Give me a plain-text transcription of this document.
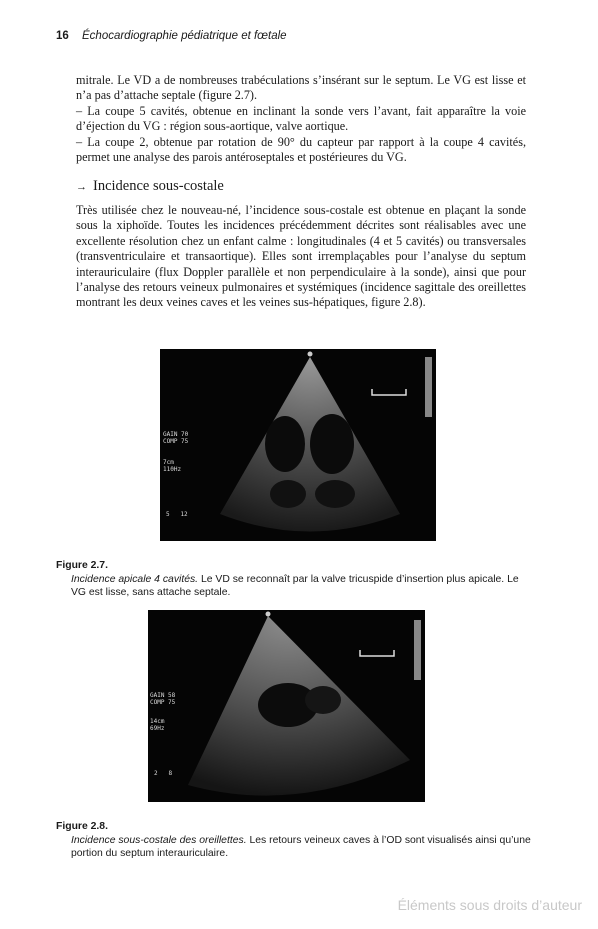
16 Échocardiographie pédiatrique et fœtale

mitrale. Le VD a de nombreuses trabéculations s’insérant sur le septum. Le VG est lisse et n’a pas d’attache septale (figure 2.7).

– La coupe 5 cavités, obtenue en inclinant la sonde vers l’avant, fait apparaître la voie d’éjection du VG : région sous-aortique, valve aortique.

– La coupe 2, obtenue par rotation de 90° du capteur par rapport à la coupe 4 cavités, permet une analyse des parois antéroseptales et postérieures du VG.

→ Incidence sous-costale

Très utilisée chez le nouveau-né, l’incidence sous-costale est obtenue en plaçant la sonde sous la xiphoïde. Toutes les incidences précédemment décrites sont réalisables avec une excellente résolution chez un enfant calme : longitudinales (4 et 5 cavités) ou transversales (transventriculaire et transaortique). Elles sont irremplaçables pour l’analyse du septum interauriculaire (flux Doppler parallèle et non perpendiculaire à la sonde), ainsi que pour l’analyse des retours veineux pulmonaires et systémiques (incidence sagittale des oreillettes montrant les deux veines caves et les veines sus-hépatiques, figure 2.8).

GAIN 70
COMP 75
7cm
110Hz
5   12
Figure 2.7.
Incidence apicale 4 cavités. Le VD se reconnaît par la valve tricuspide d’insertion plus apicale. Le VG est lisse, sans attache septale.
GAIN 58
COMP 75
14cm
69Hz
2   8
Figure 2.8.
Incidence sous-costale des oreillettes. Les retours veineux caves à l’OD sont visualisés ainsi qu’une portion du septum interauriculaire.
Éléments sous droits d’auteur
